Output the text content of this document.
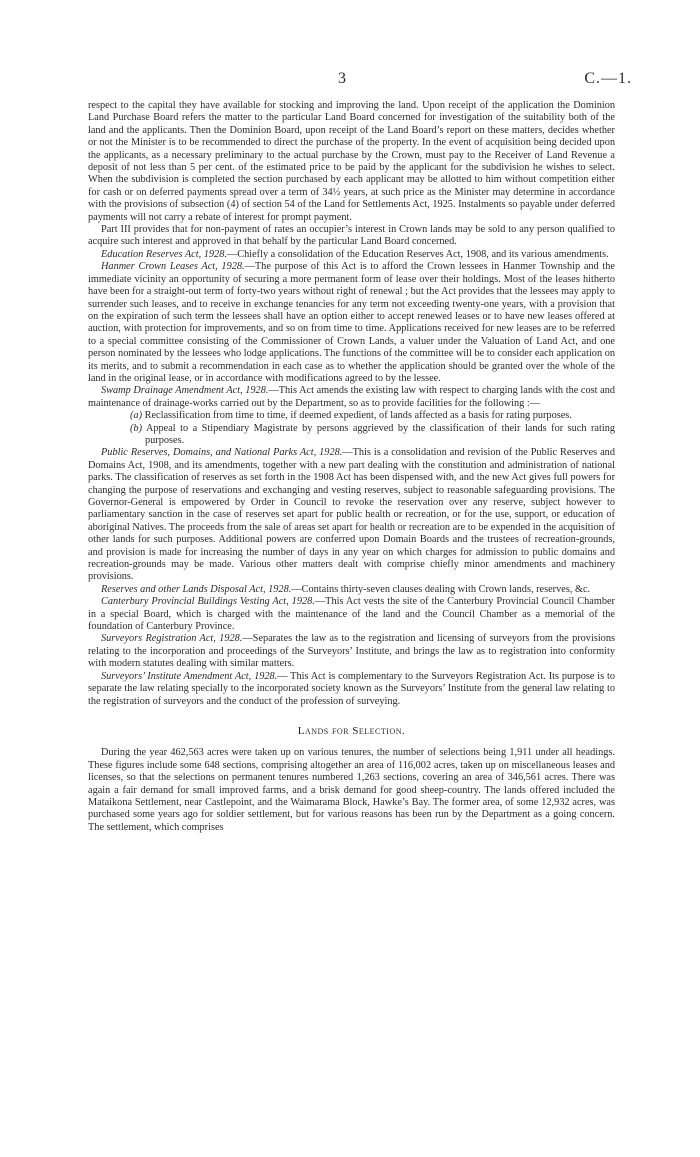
3	C.—1.

respect to the capital they have available for stocking and improving the land. Upon receipt of the application the Dominion Land Purchase Board refers the matter to the particular Land Board concerned for investigation of the suitability both of the land and the applicants. Then the Dominion Board, upon receipt of the Land Board’s report on these matters, decides whether or not the Minister is to be recommended to direct the purchase of the property. In the event of acquisition being decided upon the applicants, as a necessary preliminary to the actual purchase by the Crown, must pay to the Receiver of Land Revenue a deposit of not less than 5 per cent. of the estimated price to be paid by the applicant for the subdivision he wishes to select. When the subdivision is completed the section purchased by each applicant may be allotted to him without competition either for cash or on deferred payments spread over a term of 34½ years, at such price as the Minister may determine in accordance with the provisions of subsection (4) of section 54 of the Land for Settlements Act, 1925. Instalments so payable under deferred payments will not carry a rebate of interest for prompt payment.

Part III provides that for non-payment of rates an occupier’s interest in Crown lands may be sold to any person qualified to acquire such interest and approved in that behalf by the particular Land Board concerned.

Education Reserves Act, 1928.—Chiefly a consolidation of the Education Reserves Act, 1908, and its various amendments.

Hanmer Crown Leases Act, 1928.—The purpose of this Act is to afford the Crown lessees in Hanmer Township and the immediate vicinity an opportunity of securing a more permanent form of lease over their holdings. Most of the leases hitherto have been for a straight-out term of forty-two years without right of renewal ; but the Act provides that the lessees may apply to surrender such leases, and to receive in exchange tenancies for any term not exceeding twenty-one years, with a provision that on the expiration of such term the lessees shall have an option either to accept renewed leases or to have new leases offered at auction, with protection for improvements, and so on from time to time. Applications received for new leases are to be referred to a special committee consisting of the Commissioner of Crown Lands, a valuer under the Valuation of Land Act, and one person nominated by the lessees who lodge applications. The functions of the committee will be to consider each application on its merits, and to submit a recommendation in each case as to whether the application should be granted over the whole of the land in the original lease, or in accordance with modifications agreed to by the lessee.

Swamp Drainage Amendment Act, 1928.—This Act amends the existing law with respect to charging lands with the cost and maintenance of drainage-works carried out by the Department, so as to provide facilities for the following :—

(a) Reclassification from time to time, if deemed expedient, of lands affected as a basis for rating purposes.

(b) Appeal to a Stipendiary Magistrate by persons aggrieved by the classification of their lands for such rating purposes.

Public Reserves, Domains, and National Parks Act, 1928.—This is a consolidation and revision of the Public Reserves and Domains Act, 1908, and its amendments, together with a new part dealing with the constitution and administration of national parks. The classification of reserves as set forth in the 1908 Act has been dispensed with, and the new Act gives full powers for changing the purpose of reservations and exchanging and vesting reserves, subject to reasonable safeguarding provisions. The Governor-General is empowered by Order in Council to revoke the reservation over any reserve, subject however to parliamentary sanction in the case of reserves set apart for public health or recreation, or for the use, support, or education of aboriginal Natives. The proceeds from the sale of areas set apart for health or recreation are to be expended in the acquisition of other lands for such purposes. Additional powers are conferred upon Domain Boards and the trustees of recreation-grounds, and provision is made for increasing the number of days in any year on which charges for admission to public domains and recreation-grounds may be made. Various other matters dealt with comprise chiefly minor amendments and machinery provisions.

Reserves and other Lands Disposal Act, 1928.—Contains thirty-seven clauses dealing with Crown lands, reserves, &c.

Canterbury Provincial Buildings Vesting Act, 1928.—This Act vests the site of the Canterbury Provincial Council Chamber in a special Board, which is charged with the maintenance of the land and the Council Chamber as a memorial of the foundation of Canterbury Province.

Surveyors Registration Act, 1928.—Separates the law as to the registration and licensing of surveyors from the provisions relating to the incorporation and proceedings of the Surveyors’ Institute, and brings the law as to registration into conformity with modern statutes dealing with similar matters.

Surveyors’ Institute Amendment Act, 1928.— This Act is complementary to the Surveyors Registration Act. Its purpose is to separate the law relating specially to the incorporated society known as the Surveyors’ Institute from the general law relating to the registration of surveyors and the conduct of the profession of surveying.

Lands for Selection.

During the year 462,563 acres were taken up on various tenures, the number of selections being 1,911 under all headings. These figures include some 648 sections, comprising altogether an area of 116,002 acres, taken up on miscellaneous leases and licenses, so that the selections on permanent tenures numbered 1,263 sections, covering an area of 346,561 acres. There was again a fair demand for small improved farms, and a brisk demand for good sheep-country. The lands offered included the Mataikona Settlement, near Castlepoint, and the Waimarama Block, Hawke’s Bay. The former area, of some 12,932 acres, was purchased some years ago for soldier settlement, but for various reasons has been run by the Department as a going concern. The settlement, which comprises
